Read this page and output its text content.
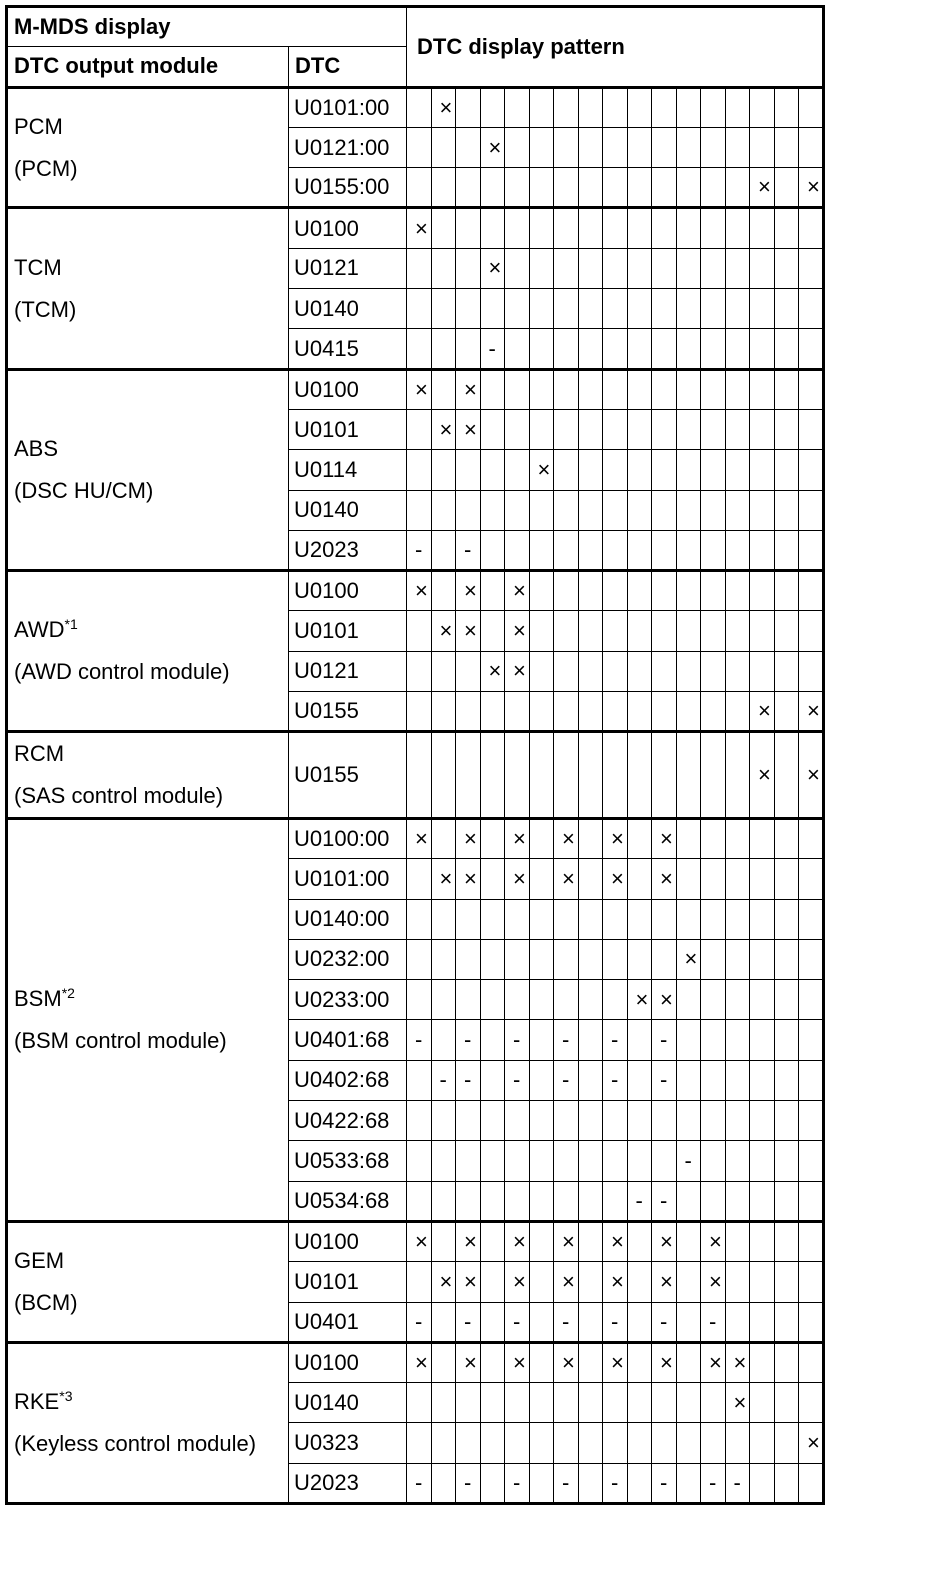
M-MDS display		DTC display pattern																
DTC output module	DTC																	

PCM
(PCM)	U0101:00		×															
	U0121:00				×													
	U0155:00															×		×

TCM
(TCM)	U0100	×																
	U0121				×													
	U0140																	
	U0415				-													

ABS
(DSC HU/CM)	U0100	×		×														
	U0101		×	×														
	U0114						×											
	U0140																	
	U2023	-		-														

AWD$^{*1}$
(AWD control module)	U0100	×		×		×												
	U0101		×	×		×												
	U0121				×	×												
	U0155															×		×

RCM
(SAS control module)	U0155															×		×

BSM$^{*2}$
(BSM control module)	U0100:00	×		×		×		×		×		×						
	U0101:00		×	×		×		×		×		×						
	U0140:00																	
	U0232:00												×					
	U0233:00										×	×						
	U0401:68	-		-		-		-		-		-						
	U0402:68		-	-		-		-		-		-						
	U0422:68																	
	U0533:68												-					
	U0534:68										-	-						

GEM
(BCM)	U0100	×		×		×		×		×		×		×				
	U0101		×	×		×		×		×		×		×				
	U0401	-		-		-		-		-		-		-				

RKE$^{*3}$
(Keyless control module)	U0100	×		×		×		×		×		×		×	×			
	U0140														×			
	U0323																	×
	U2023	-		-		-		-		-		-		-	-			
